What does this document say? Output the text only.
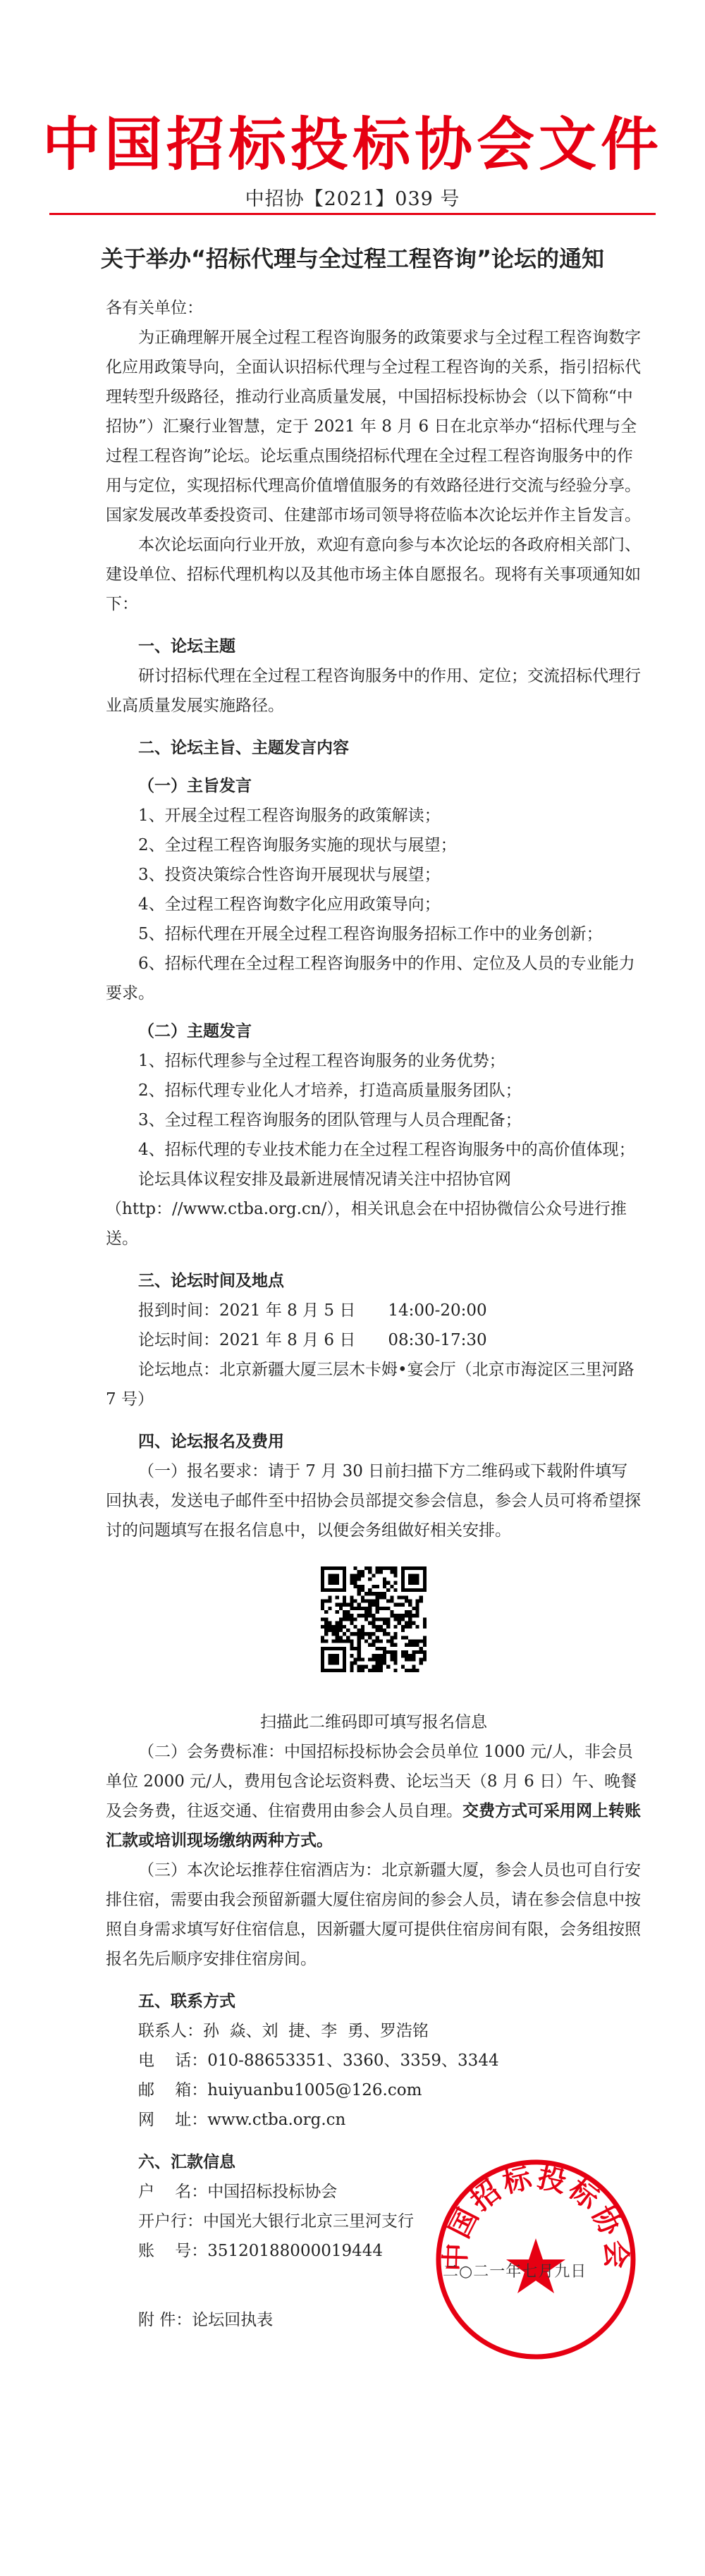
中国招标投标协会文件
中招协【2021】039 号
关于举办“招标代理与全过程工程咨询”论坛的通知

各有关单位：

为正确理解开展全过程工程咨询服务的政策要求与全过程工程咨询数字化应用政策导向，全面认识招标代理与全过程工程咨询的关系，指引招标代理转型升级路径，推动行业高质量发展，中国招标投标协会（以下简称“中招协”）汇聚行业智慧，定于 2021 年 8 月 6 日在北京举办“招标代理与全过程工程咨询”论坛。论坛重点围绕招标代理在全过程工程咨询服务中的作用与定位，实现招标代理高价值增值服务的有效路径进行交流与经验分享。国家发展改革委投资司、住建部市场司领导将莅临本次论坛并作主旨发言。

本次论坛面向行业开放，欢迎有意向参与本次论坛的各政府相关部门、建设单位、招标代理机构以及其他市场主体自愿报名。现将有关事项通知如下：

一、论坛主题

研讨招标代理在全过程工程咨询服务中的作用、定位；交流招标代理行业高质量发展实施路径。

二、论坛主旨、主题发言内容

（一）主旨发言

1、开展全过程工程咨询服务的政策解读；

2、全过程工程咨询服务实施的现状与展望；

3、投资决策综合性咨询开展现状与展望；

4、全过程工程咨询数字化应用政策导向；

5、招标代理在开展全过程工程咨询服务招标工作中的业务创新；

6、招标代理在全过程工程咨询服务中的作用、定位及人员的专业能力要求。

（二）主题发言

1、招标代理参与全过程工程咨询服务的业务优势；

2、招标代理专业化人才培养，打造高质量服务团队；

3、全过程工程咨询服务的团队管理与人员合理配备；

4、招标代理的专业技术能力在全过程工程咨询服务中的高价值体现；

论坛具体议程安排及最新进展情况请关注中招协官网（http：//www.ctba.org.cn/），相关讯息会在中招协微信公众号进行推送。

三、论坛时间及地点

报到时间：2021 年 8 月 5 日　　14:00-20:00

论坛时间：2021 年 8 月 6 日　　08:30-17:30

论坛地点：北京新疆大厦三层木卡姆•宴会厅（北京市海淀区三里河路 7 号）

四、论坛报名及费用

（一）报名要求：请于 7 月 30 日前扫描下方二维码或下载附件填写回执表，发送电子邮件至中招协会员部提交参会信息，参会人员可将希望探讨的问题填写在报名信息中，以便会务组做好相关安排。

扫描此二维码即可填写报名信息

（二）会务费标准：中国招标投标协会会员单位 1000 元/人，非会员单位 2000 元/人，费用包含论坛资料费、论坛当天（8 月 6 日）午、晚餐及会务费，往返交通、住宿费用由参会人员自理。交费方式可采用网上转账汇款或培训现场缴纳两种方式。

（三）本次论坛推荐住宿酒店为：北京新疆大厦，参会人员也可自行安排住宿，需要由我会预留新疆大厦住宿房间的参会人员，请在参会信息中按照自身需求填写好住宿信息，因新疆大厦可提供住宿房间有限，会务组按照报名先后顺序安排住宿房间。

五、联系方式

联系人：孙  焱、刘  捷、李  勇、罗浩铭

电    话：010-88653351、3360、3359、3344

邮    箱：huiyuanbu1005@126.com

网    址：www.ctba.org.cn

六、汇款信息

户    名：中国招标投标协会

开户行：中国光大银行北京三里河支行

账    号：35120188000019444

附 件：论坛回执表

中国招标投标协会
二○二一年七月九日
